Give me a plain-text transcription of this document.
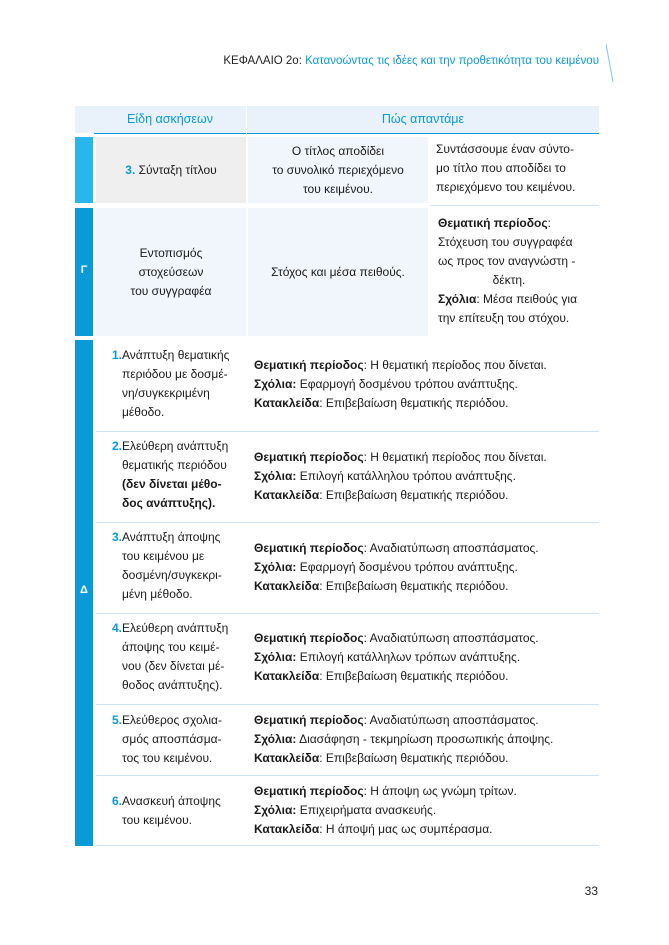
ΚΕΦΑΛΑΙΟ 2ο: Κατανοώντας τις ιδέες και την προθετικότητα του κειμένου
Είδη ασκήσεων	Πώς απαντάμε
3. Σύνταξη τίτλου
Ο τίτλος αποδίδει
το συνολικό περιεχόμενο
του κειμένου.
Συντάσσουμε έναν σύντο-
μο τίτλο που αποδίδει το
περιεχόμενο του κειμένου.
Γ
Εντοπισμός
στοχεύσεων
του συγγραφέα
Στόχος και μέσα πειθούς.
Θεματική περίοδος:
Στόχευση του συγγραφέα
ως προς τον αναγνώστη -
δέκτη.
Σχόλια: Μέσα πειθούς για
την επίτευξη του στόχου.
Δ
1. Ανάπτυξη θεματικής
περιόδου με δοσμέ-
νη/συγκεκριμένη
μέθοδο.
Θεματική περίοδος: Η θεματική περίοδος που δίνεται.
Σχόλια: Εφαρμογή δοσμένου τρόπου ανάπτυξης.
Κατακλείδα: Επιβεβαίωση θεματικής περιόδου.
2. Ελεύθερη ανάπτυξη
θεματικής περιόδου
(δεν δίνεται μέθο-
δος ανάπτυξης).
Θεματική περίοδος: Η θεματική περίοδος που δίνεται.
Σχόλια: Επιλογή κατάλληλου τρόπου ανάπτυξης.
Κατακλείδα: Επιβεβαίωση θεματικής περιόδου.
3. Ανάπτυξη άποψης
του κειμένου με
δοσμένη/συγκεκρι-
μένη μέθοδο.
Θεματική περίοδος: Αναδιατύπωση αποσπάσματος.
Σχόλια: Εφαρμογή δοσμένου τρόπου ανάπτυξης.
Κατακλείδα: Επιβεβαίωση θεματικής περιόδου.
4. Ελεύθερη ανάπτυξη
άποψης του κειμέ-
νου (δεν δίνεται μέ-
θοδος ανάπτυξης).
Θεματική περίοδος: Αναδιατύπωση αποσπάσματος.
Σχόλια: Επιλογή κατάλληλων τρόπων ανάπτυξης.
Κατακλείδα: Επιβεβαίωση θεματικής περιόδου.
5. Ελεύθερος σχολια-
σμός αποσπάσμα-
τος του κειμένου.
Θεματική περίοδος: Αναδιατύπωση αποσπάσματος.
Σχόλια: Διασάφηση - τεκμηρίωση προσωπικής άποψης.
Κατακλείδα: Επιβεβαίωση θεματικής περιόδου.
6. Ανασκευή άποψης
του κειμένου.
Θεματική περίοδος: Η άποψη ως γνώμη τρίτων.
Σχόλια: Επιχειρήματα ανασκευής.
Κατακλείδα: Η άποψή μας ως συμπέρασμα.
33
